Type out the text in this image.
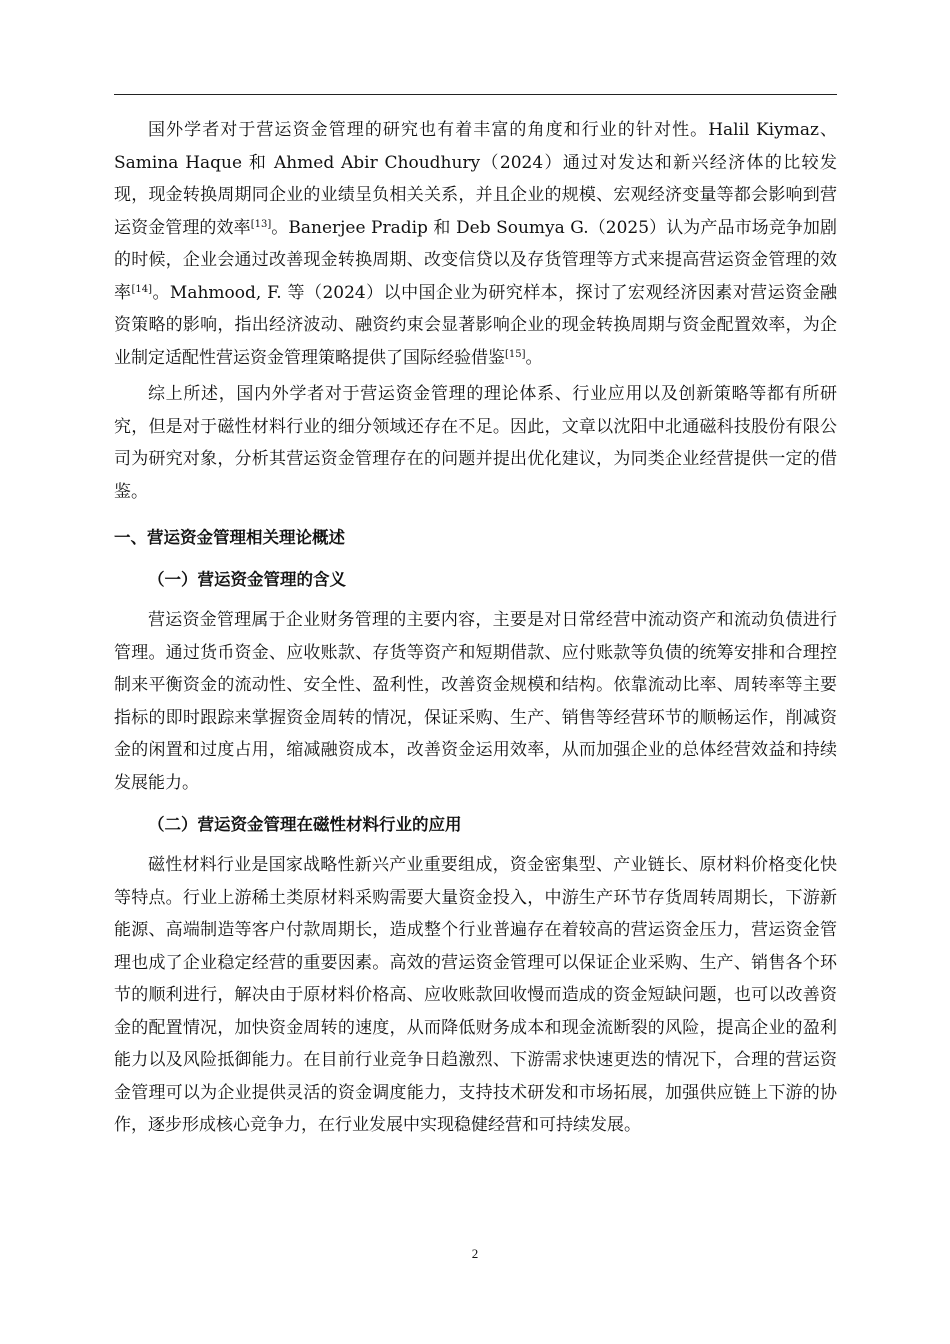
国外学者对于营运资金管理的研究也有着丰富的角度和行业的针对性。Halil Kiymaz、Samina Haque 和 Ahmed Abir Choudhury（2024）通过对发达和新兴经济体的比较发现，现金转换周期同企业的业绩呈负相关关系，并且企业的规模、宏观经济变量等都会影响到营运资金管理的效率[13]。Banerjee Pradip 和 Deb Soumya G.（2025）认为产品市场竞争加剧的时候，企业会通过改善现金转换周期、改变信贷以及存货管理等方式来提高营运资金管理的效率[14]。Mahmood, F. 等（2024）以中国企业为研究样本，探讨了宏观经济因素对营运资金融资策略的影响，指出经济波动、融资约束会显著影响企业的现金转换周期与资金配置效率，为企业制定适配性营运资金管理策略提供了国际经验借鉴[15]。

综上所述，国内外学者对于营运资金管理的理论体系、行业应用以及创新策略等都有所研究，但是对于磁性材料行业的细分领域还存在不足。因此，文章以沈阳中北通磁科技股份有限公司为研究对象，分析其营运资金管理存在的问题并提出优化建议，为同类企业经营提供一定的借鉴。

一、营运资金管理相关理论概述
（一）营运资金管理的含义

营运资金管理属于企业财务管理的主要内容，主要是对日常经营中流动资产和流动负债进行管理。通过货币资金、应收账款、存货等资产和短期借款、应付账款等负债的统筹安排和合理控制来平衡资金的流动性、安全性、盈利性，改善资金规模和结构。依靠流动比率、周转率等主要指标的即时跟踪来掌握资金周转的情况，保证采购、生产、销售等经营环节的顺畅运作，削减资金的闲置和过度占用，缩减融资成本，改善资金运用效率，从而加强企业的总体经营效益和持续发展能力。

（二）营运资金管理在磁性材料行业的应用

磁性材料行业是国家战略性新兴产业重要组成，资金密集型、产业链长、原材料价格变化快等特点。行业上游稀土类原材料采购需要大量资金投入，中游生产环节存货周转周期长，下游新能源、高端制造等客户付款周期长，造成整个行业普遍存在着较高的营运资金压力，营运资金管理也成了企业稳定经营的重要因素。高效的营运资金管理可以保证企业采购、生产、销售各个环节的顺利进行，解决由于原材料价格高、应收账款回收慢而造成的资金短缺问题，也可以改善资金的配置情况，加快资金周转的速度，从而降低财务成本和现金流断裂的风险，提高企业的盈利能力以及风险抵御能力。在目前行业竞争日趋激烈、下游需求快速更迭的情况下，合理的营运资金管理可以为企业提供灵活的资金调度能力，支持技术研发和市场拓展，加强供应链上下游的协作，逐步形成核心竞争力，在行业发展中实现稳健经营和可持续发展。

2
